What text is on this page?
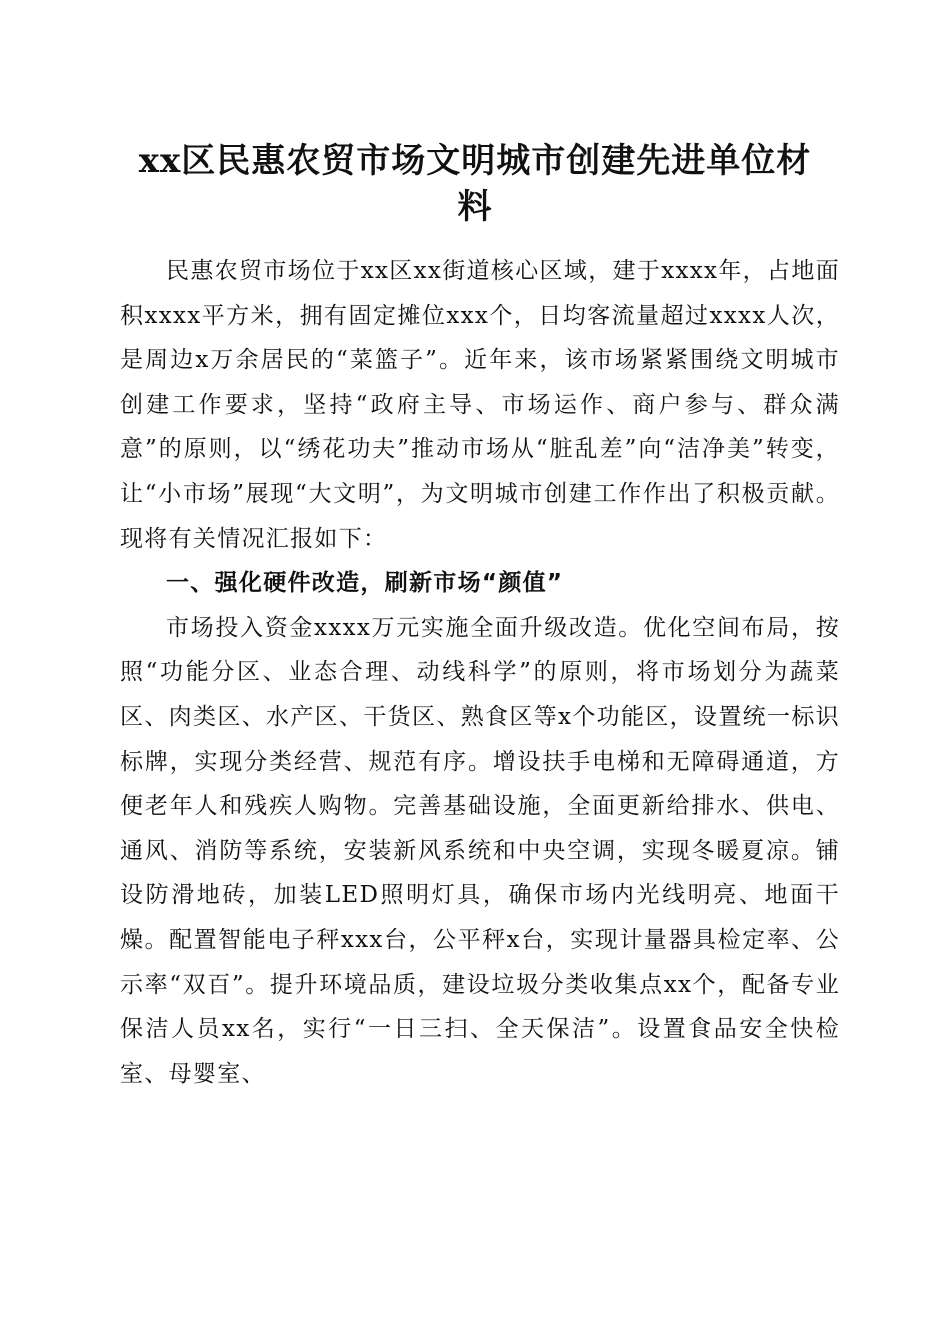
xx区民惠农贸市场文明城市创建先进单位材
料

民惠农贸市场位于xx区xx街道核心区域，建于xxxx年，占地面积xxxx平方米，拥有固定摊位xxx个，日均客流量超过xxxx人次，是周边x万余居民的“菜篮子”。近年来，该市场紧紧围绕文明城市创建工作要求，坚持“政府主导、市场运作、商户参与、群众满意”的原则，以“绣花功夫”推动市场从“脏乱差”向“洁净美”转变，让“小市场”展现“大文明”，为文明城市创建工作作出了积极贡献。现将有关情况汇报如下：

一、强化硬件改造，刷新市场“颜值”

市场投入资金xxxx万元实施全面升级改造。优化空间布局，按照“功能分区、业态合理、动线科学”的原则，将市场划分为蔬菜区、肉类区、水产区、干货区、熟食区等x个功能区，设置统一标识标牌，实现分类经营、规范有序。增设扶手电梯和无障碍通道，方便老年人和残疾人购物。完善基础设施，全面更新给排水、供电、通风、消防等系统，安装新风系统和中央空调，实现冬暖夏凉。铺设防滑地砖，加装LED照明灯具，确保市场内光线明亮、地面干燥。配置智能电子秤xxx台，公平秤x台，实现计量器具检定率、公示率“双百”。提升环境品质，建设垃圾分类收集点xx个，配备专业保洁人员xx名，实行“一日三扫、全天保洁”。设置食品安全快检室、母婴室、
